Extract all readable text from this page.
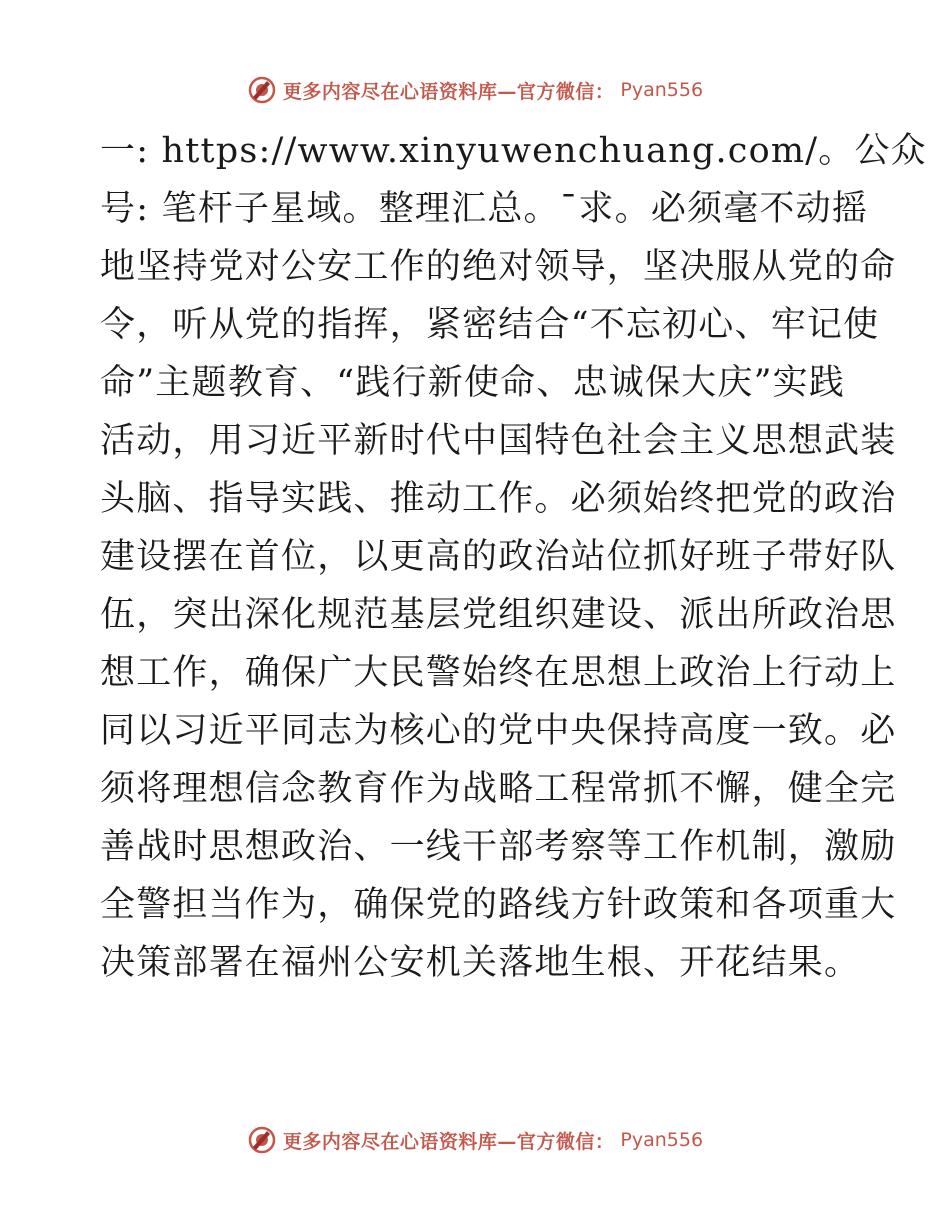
更多内容尽在心语资料库—官方微信： Pyan556
一: https://www.xinyuwenchuang.com/。公众
号: 笔杆子星域。整理汇总。¯求。必须毫不动摇
地坚持党对公安工作的绝对领导，坚决服从党的命
令，听从党的指挥，紧密结合“不忘初心、牢记使
命”主题教育、“践行新使命、忠诚保大庆”实践
活动，用习近平新时代中国特色社会主义思想武装
头脑、指导实践、推动工作。必须始终把党的政治
建设摆在首位，以更高的政治站位抓好班子带好队
伍，突出深化规范基层党组织建设、派出所政治思
想工作，确保广大民警始终在思想上政治上行动上
同以习近平同志为核心的党中央保持高度一致。必
须将理想信念教育作为战略工程常抓不懈，健全完
善战时思想政治、一线干部考察等工作机制，激励
全警担当作为，确保党的路线方针政策和各项重大
决策部署在福州公安机关落地生根、开花结果。
更多内容尽在心语资料库—官方微信： Pyan556
